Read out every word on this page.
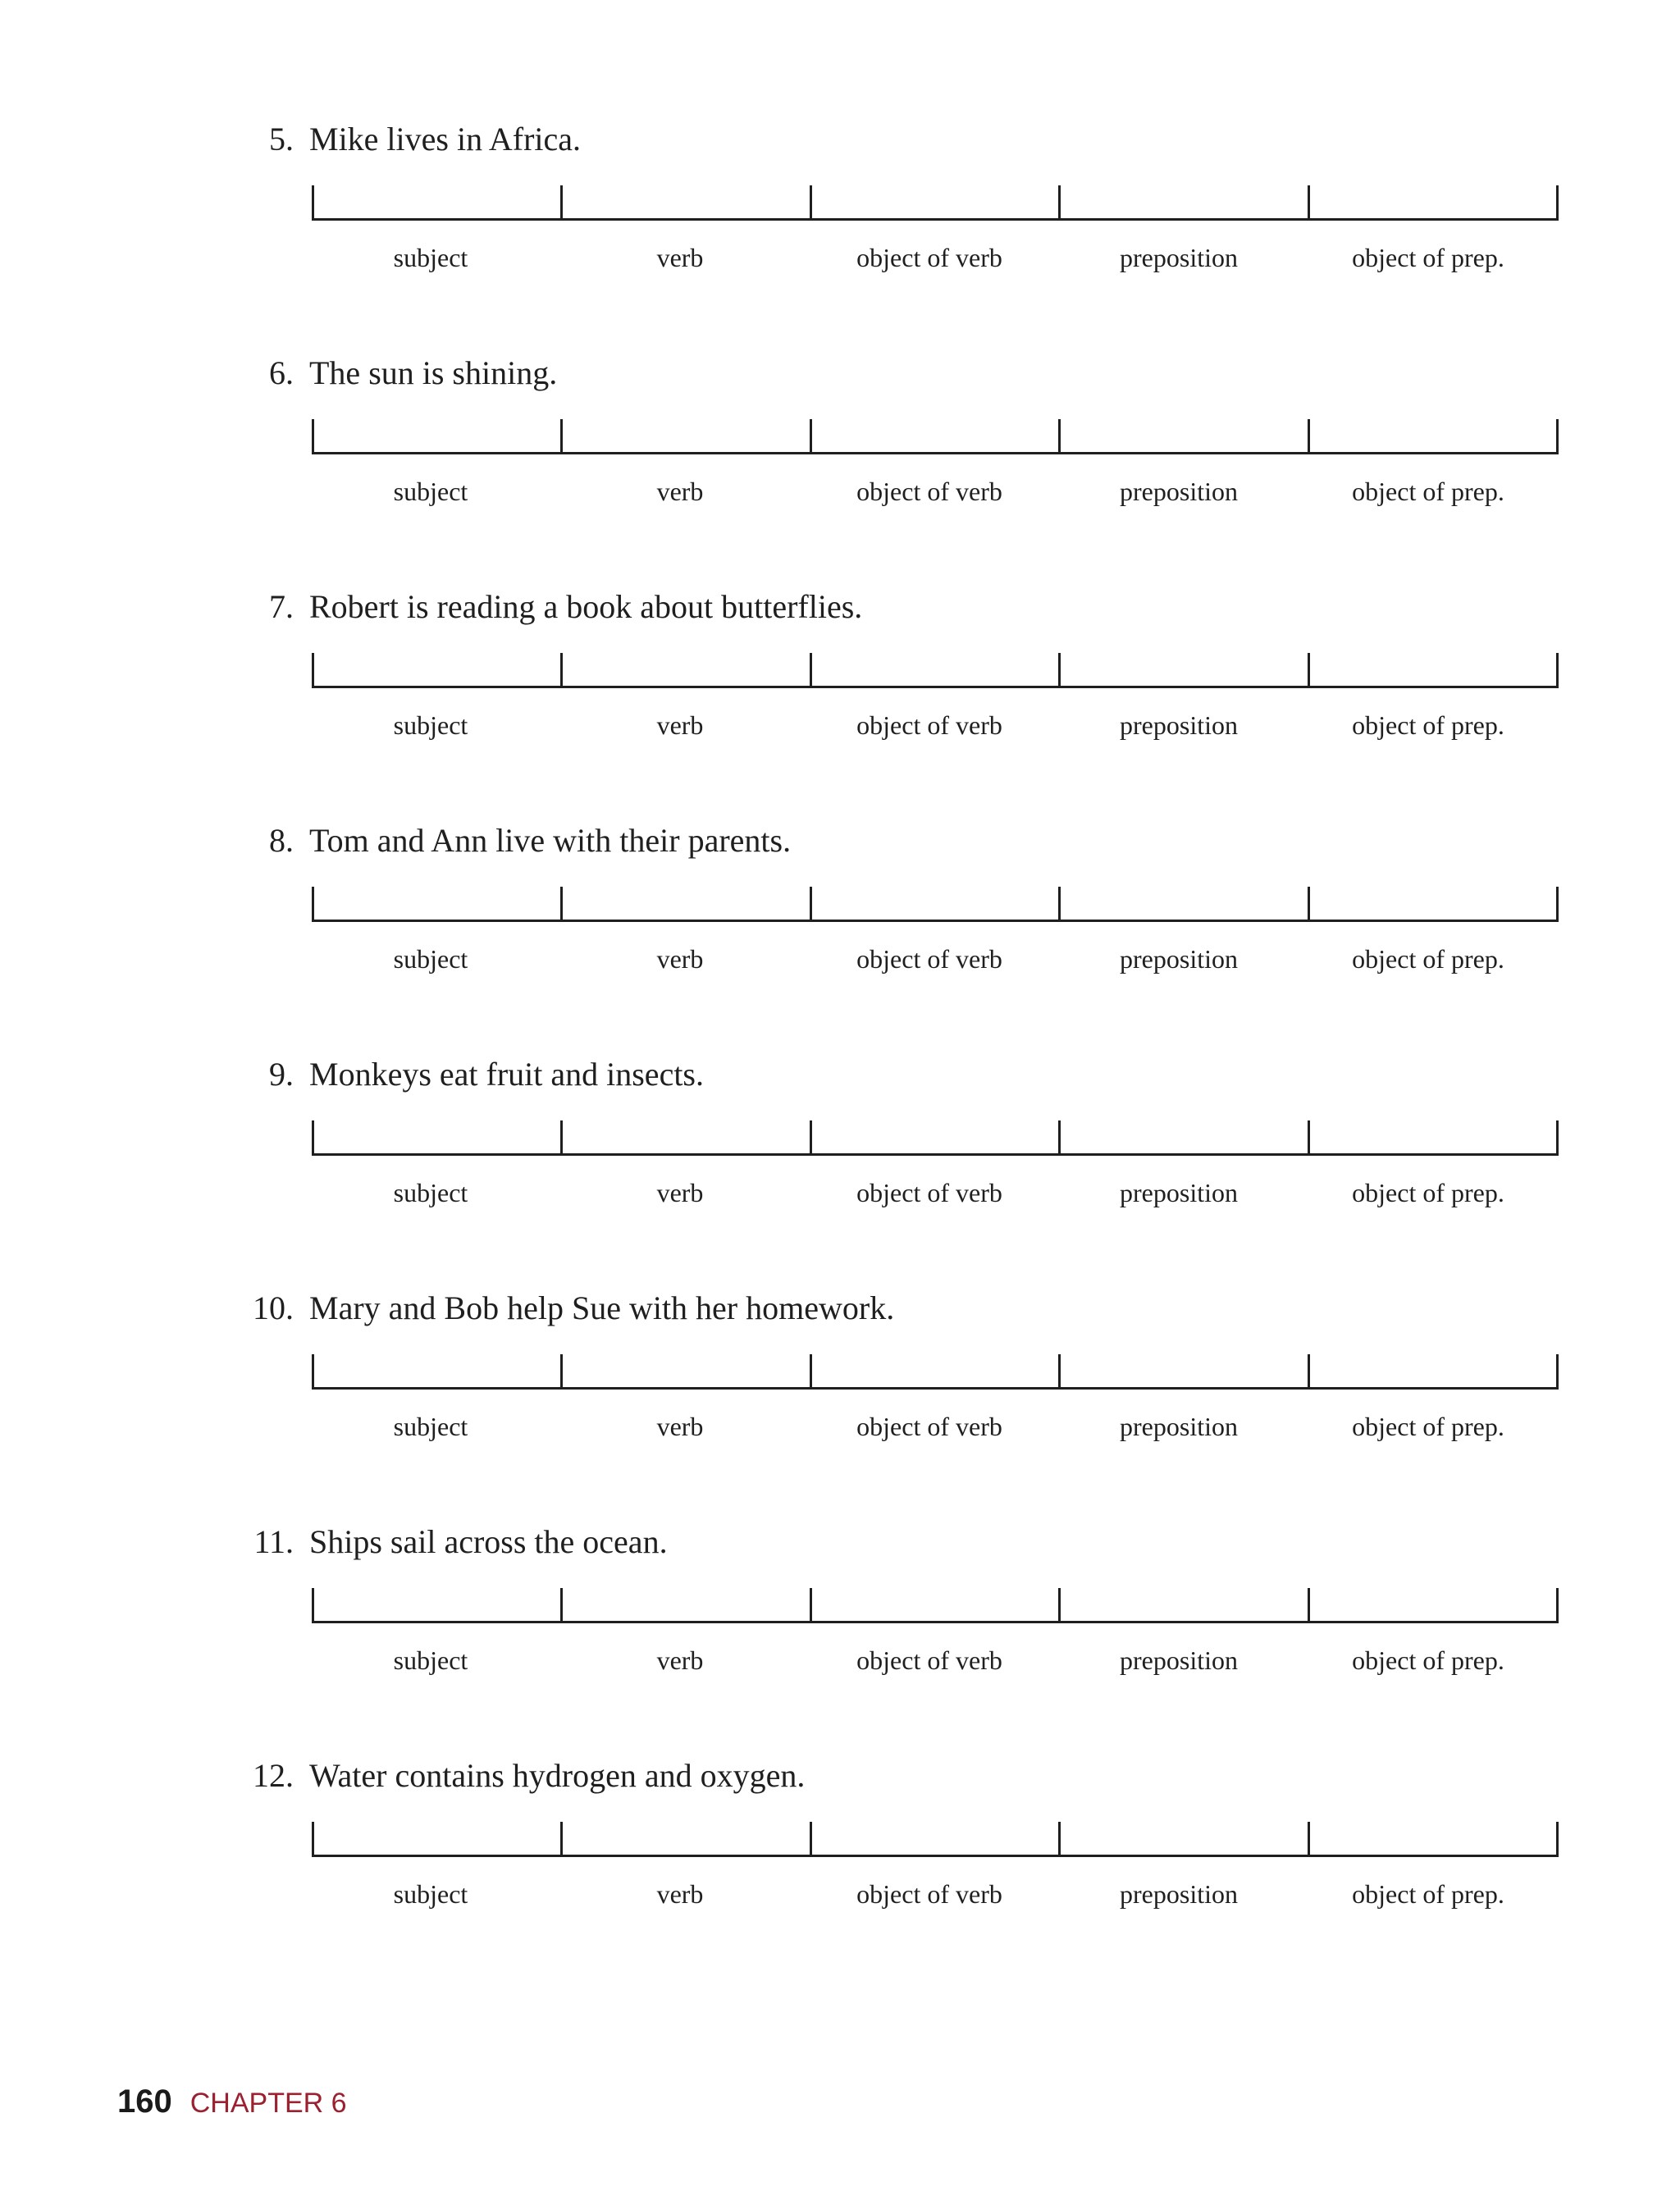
5. Mike lives in Africa.
subject	verb	object of verb	preposition	object of prep.
6. The sun is shining.
subject	verb	object of verb	preposition	object of prep.
7. Robert is reading a book about butterflies.
subject	verb	object of verb	preposition	object of prep.
8. Tom and Ann live with their parents.
subject	verb	object of verb	preposition	object of prep.
9. Monkeys eat fruit and insects.
subject	verb	object of verb	preposition	object of prep.
10. Mary and Bob help Sue with her homework.
subject	verb	object of verb	preposition	object of prep.
11. Ships sail across the ocean.
subject	verb	object of verb	preposition	object of prep.
12. Water contains hydrogen and oxygen.
subject	verb	object of verb	preposition	object of prep.
160 CHAPTER 6
